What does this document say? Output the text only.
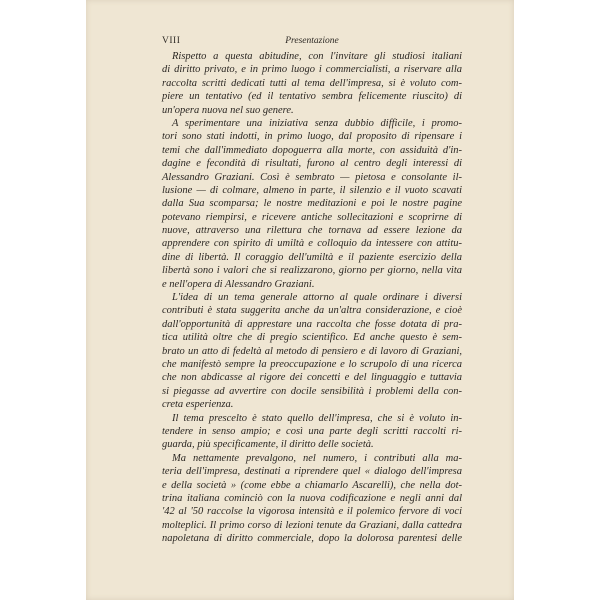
VIII	Presentazione
Rispetto a questa abitudine, con l'invitare gli studiosi italiani
di diritto privato, e in primo luogo i commercialisti, a riservare alla
raccolta scritti dedicati tutti al tema dell'impresa, si è voluto com-
piere un tentativo (ed il tentativo sembra felicemente riuscito) di
un'opera nuova nel suo genere.
A sperimentare una iniziativa senza dubbio difficile, i promo-
tori sono stati indotti, in primo luogo, dal proposito di ripensare i
temi che dall'immediato dopoguerra alla morte, con assiduità d'in-
dagine e fecondità di risultati, furono al centro degli interessi di
Alessandro Graziani. Così è sembrato — pietosa e consolante il-
lusione — di colmare, almeno in parte, il silenzio e il vuoto scavati
dalla Sua scomparsa; le nostre meditazioni e poi le nostre pagine
potevano riempirsi, e ricevere antiche sollecitazioni e scoprirne di
nuove, attraverso una rilettura che tornava ad essere lezione da
apprendere con spirito di umiltà e colloquio da intessere con attitu-
dine di libertà. Il coraggio dell'umiltà e il paziente esercizio della
libertà sono i valori che si realizzarono, giorno per giorno, nella vita
e nell'opera di Alessandro Graziani.
L'idea di un tema generale attorno al quale ordinare i diversi
contributi è stata suggerita anche da un'altra considerazione, e cioè
dall'opportunità di apprestare una raccolta che fosse dotata di pra-
tica utilità oltre che di pregio scientifico. Ed anche questo è sem-
brato un atto di fedeltà al metodo di pensiero e di lavoro di Graziani,
che manifestò sempre la preoccupazione e lo scrupolo di una ricerca
che non abdicasse al rigore dei concetti e del linguaggio e tuttavia
si piegasse ad avvertire con docile sensibilità i problemi della con-
creta esperienza.
Il tema prescelto è stato quello dell'impresa, che si è voluto in-
tendere in senso ampio; e così una parte degli scritti raccolti ri-
guarda, più specificamente, il diritto delle società.
Ma nettamente prevalgono, nel numero, i contributi alla ma-
teria dell'impresa, destinati a riprendere quel « dialogo dell'impresa
e della società » (come ebbe a chiamarlo Ascarelli), che nella dot-
trina italiana cominciò con la nuova codificazione e negli anni dal
'42 al '50 raccolse la vigorosa intensità e il polemico fervore di voci
molteplici. Il primo corso di lezioni tenute da Graziani, dalla cattedra
napoletana di diritto commerciale, dopo la dolorosa parentesi delle
